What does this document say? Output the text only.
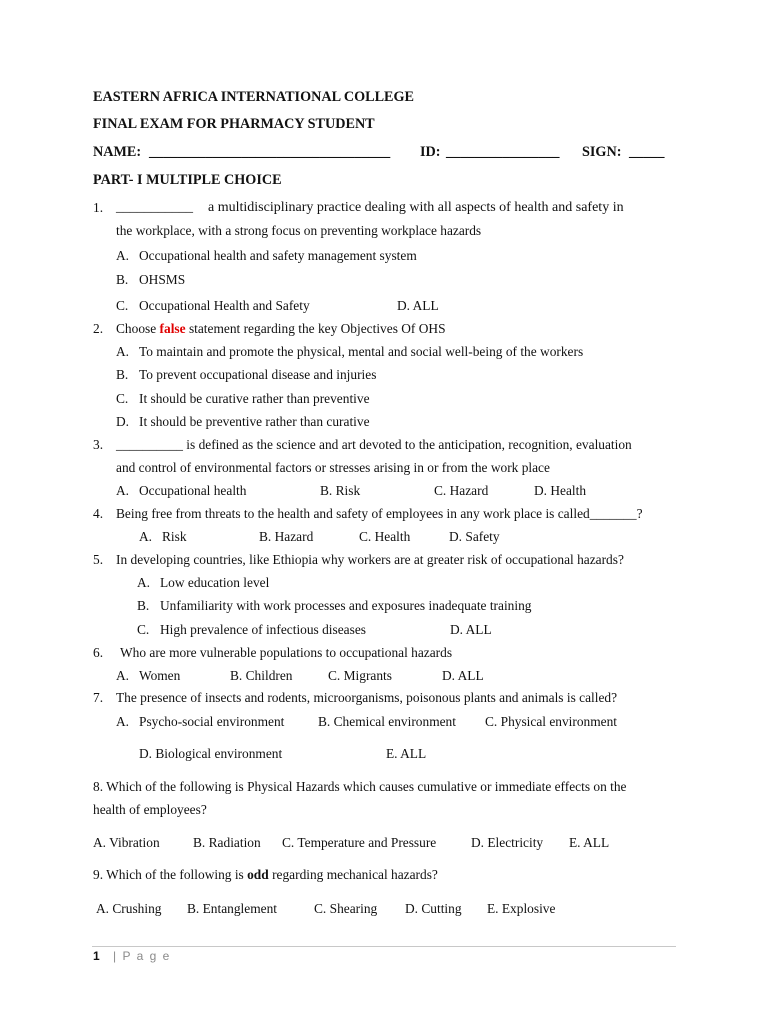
EASTERN AFRICA INTERNATIONAL COLLEGE
FINAL EXAM FOR PHARMACY STUDENT
NAME: __________________________________ ID: ________________ SIGN: _____
PART- I MULTIPLE CHOICE
1. ___________ a multidisciplinary practice dealing with all aspects of health and safety in
the workplace, with a strong focus on preventing workplace hazards
A. Occupational health and safety management system
B. OHSMS
C. Occupational Health and Safety	D. ALL
2. Choose false statement regarding the key Objectives Of OHS
A. To maintain and promote the physical, mental and social well-being of the workers
B. To prevent occupational disease and injuries
C. It should be curative rather than preventive
D. It should be preventive rather than curative
3. __________ is defined as the science and art devoted to the anticipation, recognition, evaluation
and control of environmental factors or stresses arising in or from the work place
A. Occupational health	B. Risk	C. Hazard	D. Health
4. Being free from threats to the health and safety of employees in any work place is called_______?
A. Risk	B. Hazard	C. Health	D. Safety
5. In developing countries, like Ethiopia why workers are at greater risk of occupational hazards?
A. Low education level
B. Unfamiliarity with work processes and exposures inadequate training
C. High prevalence of infectious diseases	D. ALL
6. Who are more vulnerable populations to occupational hazards
A. Women	B. Children	C. Migrants	D. ALL
7. The presence of insects and rodents, microorganisms, poisonous plants and animals is called?
A. Psycho-social environment	B. Chemical environment C. Physical environment
D. Biological environment	E. ALL
8. Which of the following is Physical Hazards which causes cumulative or immediate effects on the
health of employees?
A. Vibration B. Radiation C. Temperature and Pressure	D. Electricity E. ALL
9. Which of the following is odd regarding mechanical hazards?
A. Crushing B. Entanglement	C. Shearing D. Cutting E. Explosive
1 | P a g e
